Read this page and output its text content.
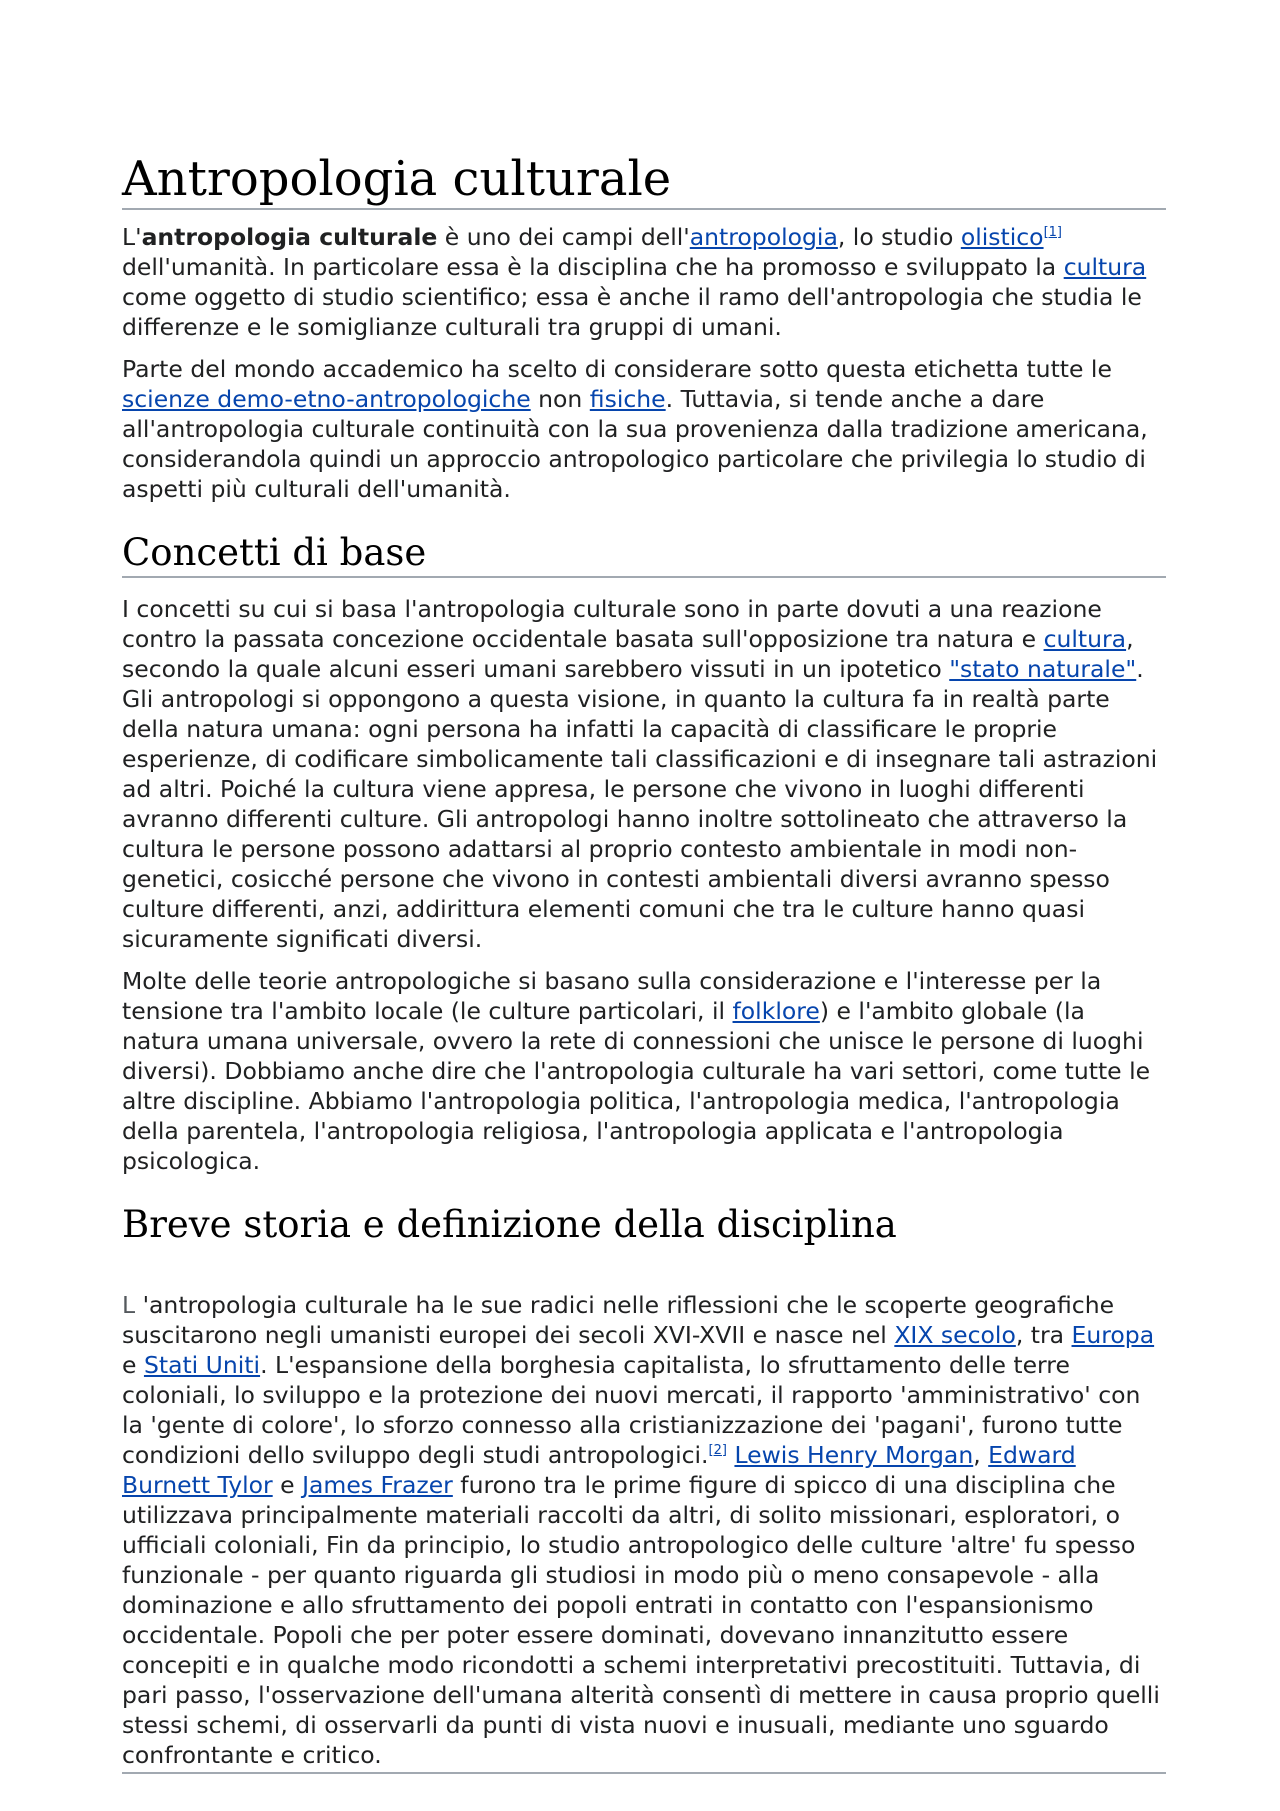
Antropologia culturale

L'antropologia culturale è uno dei campi dell'antropologia, lo studio olistico[1] dell'umanità. In particolare essa è la disciplina che ha promosso e sviluppato la cultura come oggetto di studio scientifico; essa è anche il ramo dell'antropologia che studia le differenze e le somiglianze culturali tra gruppi di umani.

Parte del mondo accademico ha scelto di considerare sotto questa etichetta tutte le scienze demo-etno-antropologiche non fisiche. Tuttavia, si tende anche a dare all'antropologia culturale continuità con la sua provenienza dalla tradizione americana, considerandola quindi un approccio antropologico particolare che privilegia lo studio di aspetti più culturali dell'umanità.

Concetti di base

I concetti su cui si basa l'antropologia culturale sono in parte dovuti a una reazione contro la passata concezione occidentale basata sull'opposizione tra natura e cultura, secondo la quale alcuni esseri umani sarebbero vissuti in un ipotetico "stato naturale". Gli antropologi si oppongono a questa visione, in quanto la cultura fa in realtà parte della natura umana: ogni persona ha infatti la capacità di classificare le proprie esperienze, di codificare simbolicamente tali classificazioni e di insegnare tali astrazioni ad altri. Poiché la cultura viene appresa, le persone che vivono in luoghi differenti avranno differenti culture. Gli antropologi hanno inoltre sottolineato che attraverso la cultura le persone possono adattarsi al proprio contesto ambientale in modi non-genetici, cosicché persone che vivono in contesti ambientali diversi avranno spesso culture differenti, anzi, addirittura elementi comuni che tra le culture hanno quasi sicuramente significati diversi.

Molte delle teorie antropologiche si basano sulla considerazione e l'interesse per la tensione tra l'ambito locale (le culture particolari, il folklore) e l'ambito globale (la natura umana universale, ovvero la rete di connessioni che unisce le persone di luoghi diversi). Dobbiamo anche dire che l'antropologia culturale ha vari settori, come tutte le altre discipline. Abbiamo l'antropologia politica, l'antropologia medica, l'antropologia della parentela, l'antropologia religiosa, l'antropologia applicata e l'antropologia psicologica.

Breve storia e definizione della disciplina

L 'antropologia culturale ha le sue radici nelle riflessioni che le scoperte geografiche suscitarono negli umanisti europei dei secoli XVI-XVII e nasce nel XIX secolo, tra Europa e Stati Uniti. L'espansione della borghesia capitalista, lo sfruttamento delle terre coloniali, lo sviluppo e la protezione dei nuovi mercati, il rapporto 'amministrativo' con la 'gente di colore', lo sforzo connesso alla cristianizzazione dei 'pagani', furono tutte condizioni dello sviluppo degli studi antropologici.[2] Lewis Henry Morgan, Edward Burnett Tylor e James Frazer furono tra le prime figure di spicco di una disciplina che utilizzava principalmente materiali raccolti da altri, di solito missionari, esploratori, o ufficiali coloniali, Fin da principio, lo studio antropologico delle culture 'altre' fu spesso funzionale - per quanto riguarda gli studiosi in modo più o meno consapevole - alla dominazione e allo sfruttamento dei popoli entrati in contatto con l'espansionismo occidentale. Popoli che per poter essere dominati, dovevano innanzitutto essere concepiti e in qualche modo ricondotti a schemi interpretativi precostituiti. Tuttavia, di pari passo, l'osservazione dell'umana alterità consentì di mettere in causa proprio quelli stessi schemi, di osservarli da punti di vista nuovi e inusuali, mediante uno sguardo confrontante e critico.
